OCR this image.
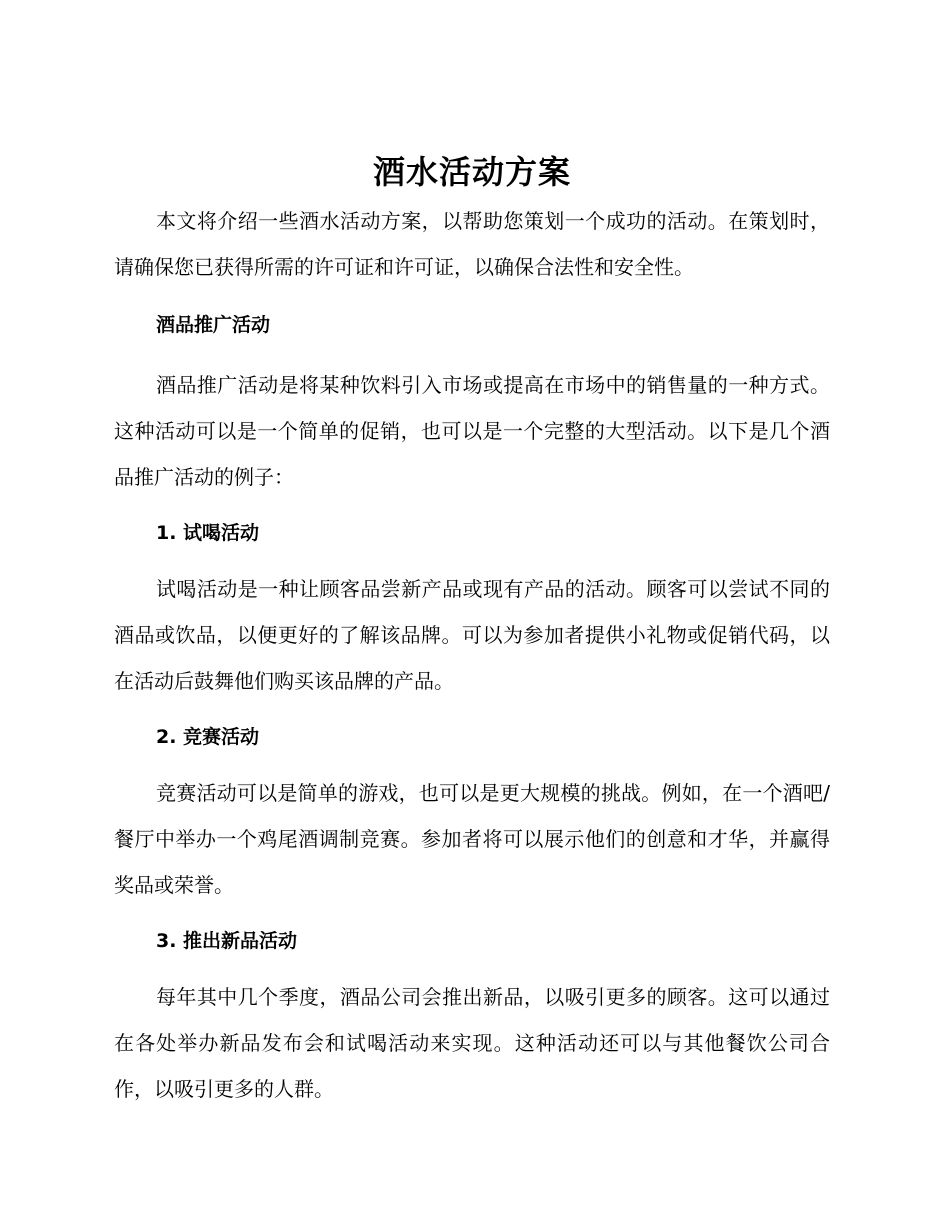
酒水活动方案

本文将介绍一些酒水活动方案，以帮助您策划一个成功的活动。在策划时，请确保您已获得所需的许可证和许可证，以确保合法性和安全性。

酒品推广活动

酒品推广活动是将某种饮料引入市场或提高在市场中的销售量的一种方式。这种活动可以是一个简单的促销，也可以是一个完整的大型活动。以下是几个酒品推广活动的例子：

1. 试喝活动

试喝活动是一种让顾客品尝新产品或现有产品的活动。顾客可以尝试不同的酒品或饮品，以便更好的了解该品牌。可以为参加者提供小礼物或促销代码，以在活动后鼓舞他们购买该品牌的产品。

2. 竞赛活动

竞赛活动可以是简单的游戏，也可以是更大规模的挑战。例如，在一个酒吧/餐厅中举办一个鸡尾酒调制竞赛。参加者将可以展示他们的创意和才华，并赢得奖品或荣誉。

3. 推出新品活动

每年其中几个季度，酒品公司会推出新品，以吸引更多的顾客。这可以通过在各处举办新品发布会和试喝活动来实现。这种活动还可以与其他餐饮公司合作，以吸引更多的人群。
